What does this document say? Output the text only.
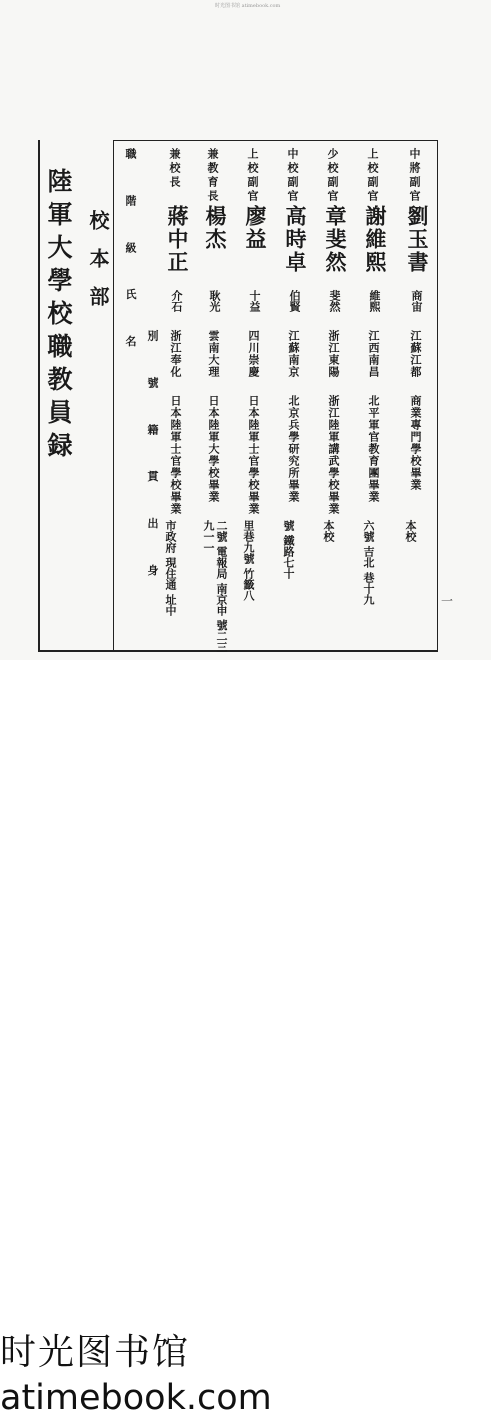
时光图书馆 atimebook.com
陸軍大學校職教員録 校本部	職 階 級 氏 名
別 號 籍 貫 出 身
中將副官
劉玉書
商宙
江蘇江都
商業專門學校畢業
本校
上校副官
謝維熙
維熙
江西南昌
北平軍官教育團畢業
六號 吉北 巷十九
少校副官
章斐然
斐然
浙江東陽
浙江陸軍講武學校畢業
本校
中校副官
高時卓
伯賢
江蘇南京
北京兵學研究所畢業
號 鐵路七十
上校副官
廖益
十益
四川崇慶
日本陸軍士官學校畢業
里巷九號 竹籤八
兼教育長
楊杰
耿光
雲南大理
日本陸軍大學校畢業
二號 電報局 南京申 號二三 九一一
兼校長
蔣中正
介石
浙江奉化
日本陸軍士官學校畢業
市政府 現住通 址中	一
时光图书馆
atimebook.com
